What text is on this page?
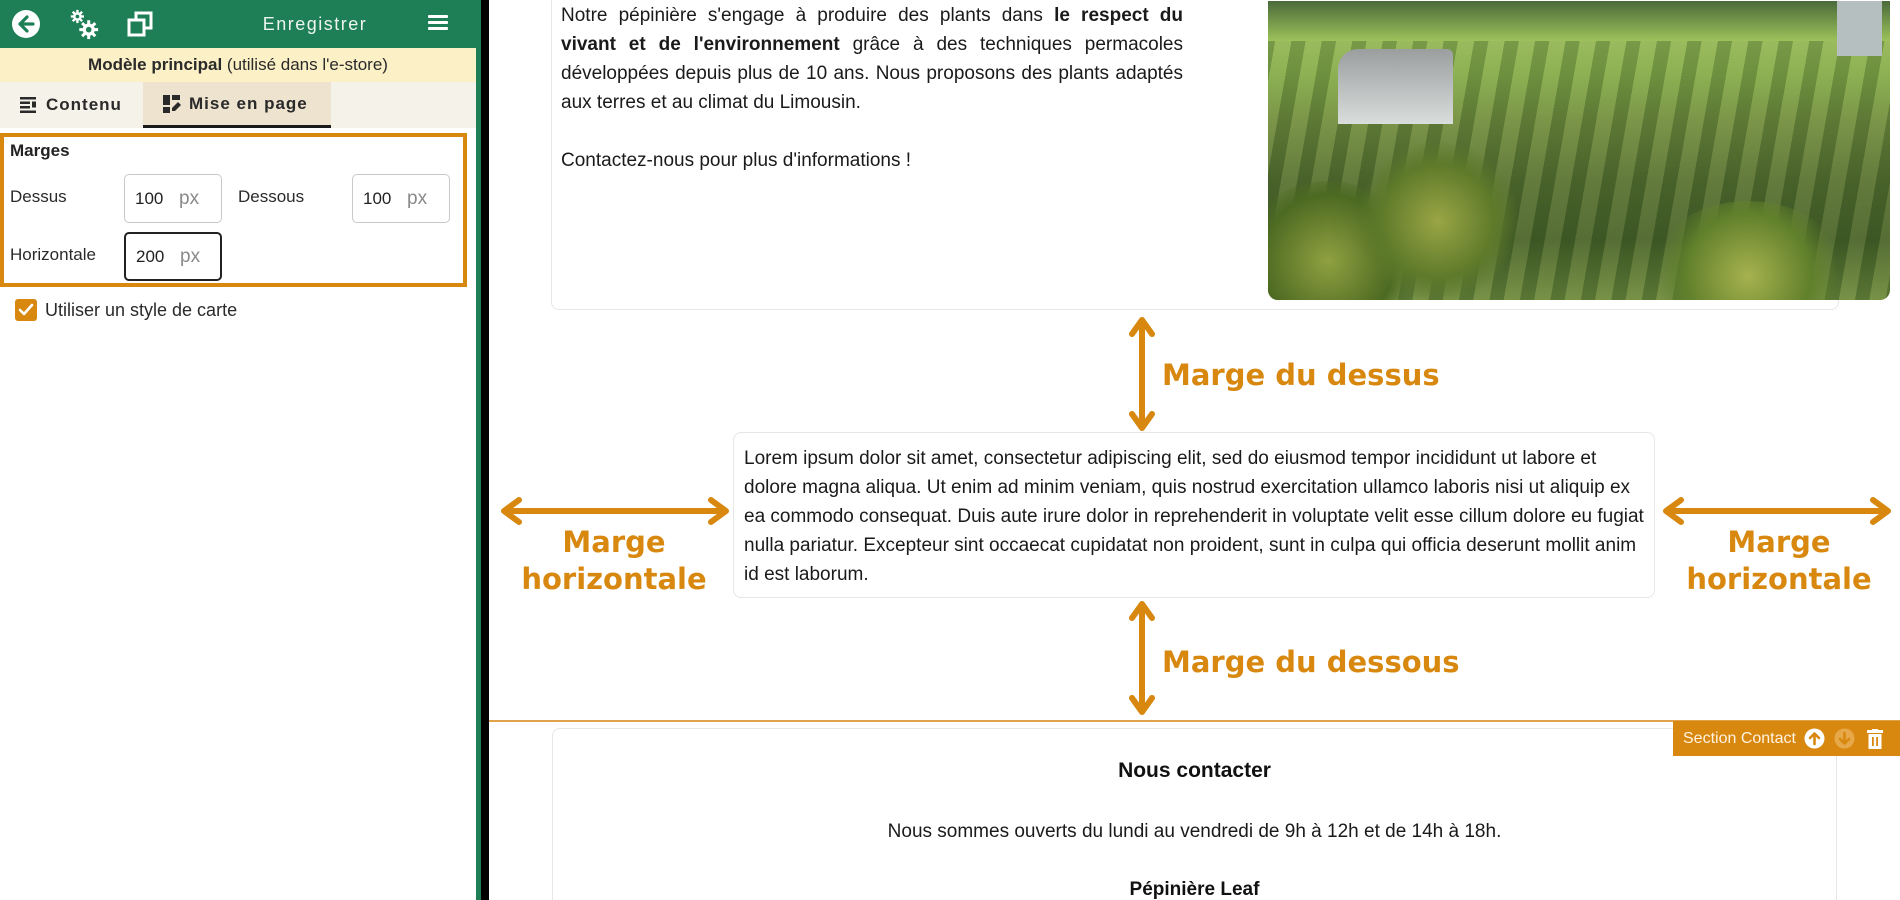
Enregistrer
Modèle principal (utilisé dans l'e-store)
Contenu	Mise en page
Marges
Dessus	100 px Dessous	100 px
Horizontale 200 px
Utiliser un style de carte

Notre pépinière s'engage à produire des plants dans le respect du vivant et de l'environnement grâce à des techniques permacoles développées depuis plus de 10 ans. Nous proposons des plants adaptés aux terres et au climat du Limousin.

Contactez-nous pour plus d'informations !

Marge du dessus
Lorem ipsum dolor sit amet, consectetur adipiscing elit, sed do eiusmod tempor incididunt ut labore et dolore magna aliqua. Ut enim ad minim veniam, quis nostrud exercitation ullamco laboris nisi ut aliquip ex ea commodo consequat. Duis aute irure dolor in reprehenderit in voluptate velit esse cillum dolore eu fugiat nulla pariatur. Excepteur sint occaecat cupidatat non proident, sunt in culpa qui officia deserunt mollit anim id est laborum.
Marge
horizontale
Marge
horizontale
Marge du dessous
Nous contacter
Nous sommes ouverts du lundi au vendredi de 9h à 12h et de 14h à 18h.
Pépinière Leaf
Section Contact
